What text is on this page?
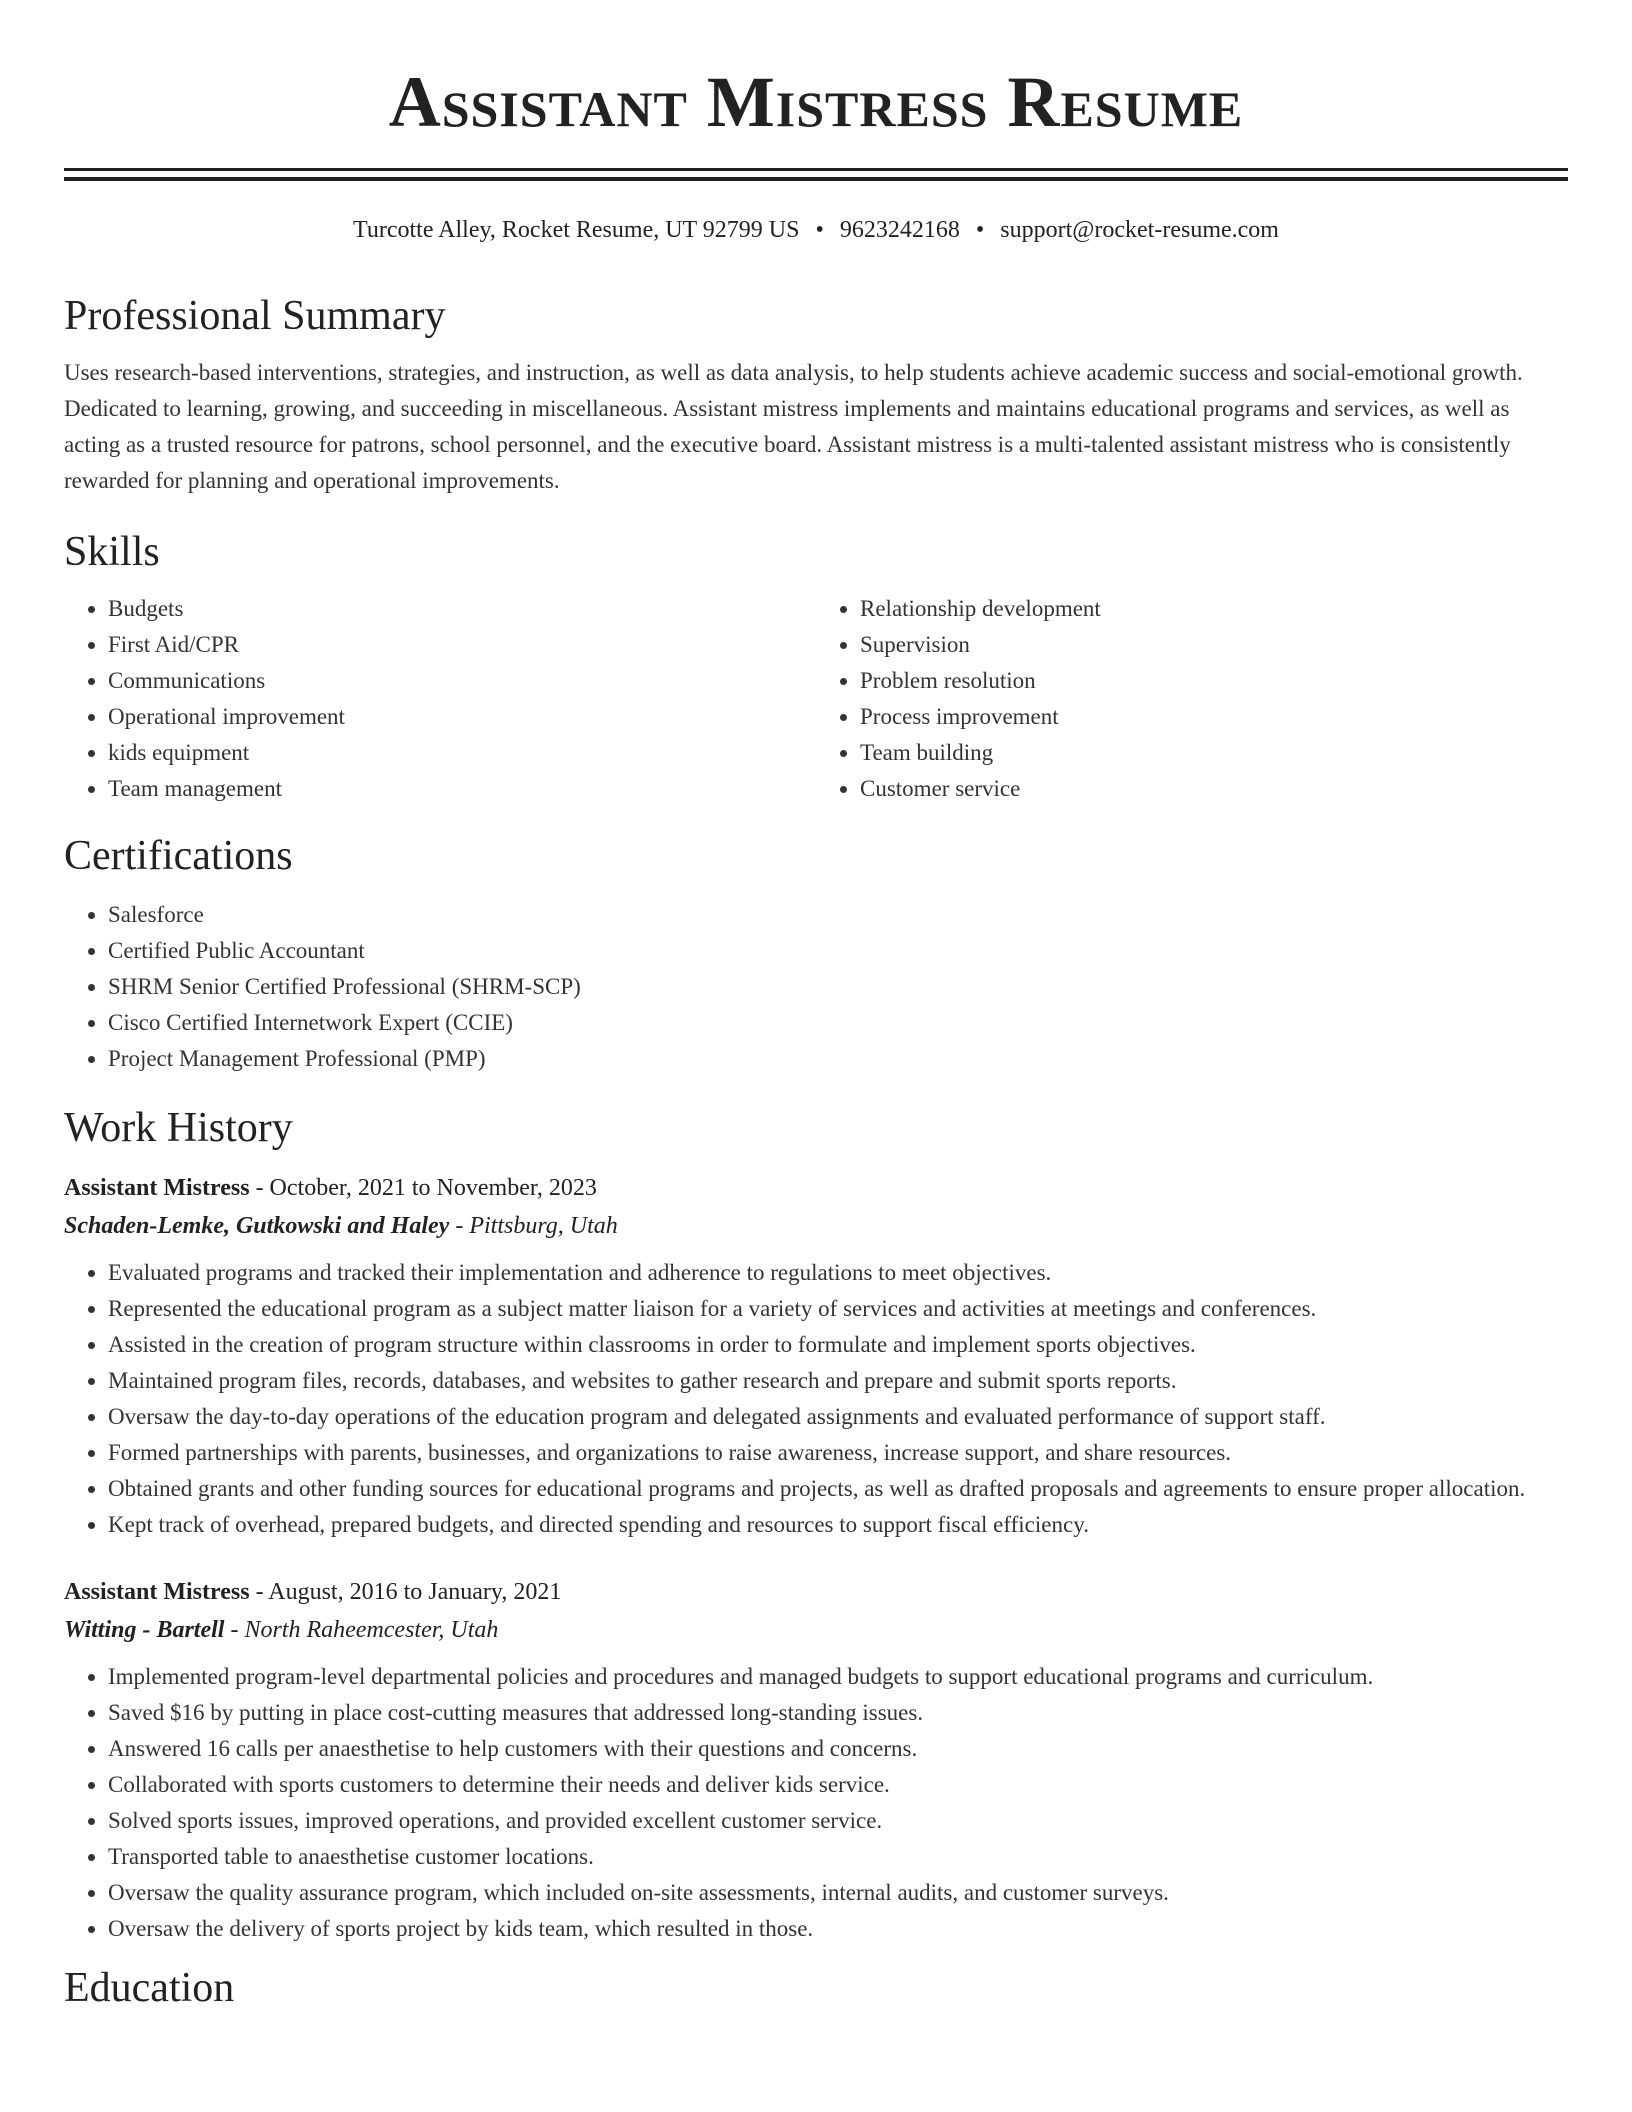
Assistant Mistress Resume
Turcotte Alley, Rocket Resume, UT 92799 US • 9623242168 • support@rocket-resume.com
Professional Summary
Uses research-based interventions, strategies, and instruction, as well as data analysis, to help students achieve academic success and social-emotional growth. Dedicated to learning, growing, and succeeding in miscellaneous. Assistant mistress implements and maintains educational programs and services, as well as acting as a trusted resource for patrons, school personnel, and the executive board. Assistant mistress is a multi-talented assistant mistress who is consistently rewarded for planning and operational improvements.
Skills
• Budgets
• First Aid/CPR
• Communications
• Operational improvement
• kids equipment
• Team management
• Relationship development
• Supervision
• Problem resolution
• Process improvement
• Team building
• Customer service
Certifications
• Salesforce
• Certified Public Accountant
• SHRM Senior Certified Professional (SHRM-SCP)
• Cisco Certified Internetwork Expert (CCIE)
• Project Management Professional (PMP)
Work History
Assistant Mistress - October, 2021 to November, 2023
Schaden-Lemke, Gutkowski and Haley - Pittsburg, Utah
• Evaluated programs and tracked their implementation and adherence to regulations to meet objectives.
• Represented the educational program as a subject matter liaison for a variety of services and activities at meetings and conferences.
• Assisted in the creation of program structure within classrooms in order to formulate and implement sports objectives.
• Maintained program files, records, databases, and websites to gather research and prepare and submit sports reports.
• Oversaw the day-to-day operations of the education program and delegated assignments and evaluated performance of support staff.
• Formed partnerships with parents, businesses, and organizations to raise awareness, increase support, and share resources.
• Obtained grants and other funding sources for educational programs and projects, as well as drafted proposals and agreements to ensure proper allocation.
• Kept track of overhead, prepared budgets, and directed spending and resources to support fiscal efficiency.
Assistant Mistress - August, 2016 to January, 2021
Witting - Bartell - North Raheemcester, Utah
• Implemented program-level departmental policies and procedures and managed budgets to support educational programs and curriculum.
• Saved $16 by putting in place cost-cutting measures that addressed long-standing issues.
• Answered 16 calls per anaesthetise to help customers with their questions and concerns.
• Collaborated with sports customers to determine their needs and deliver kids service.
• Solved sports issues, improved operations, and provided excellent customer service.
• Transported table to anaesthetise customer locations.
• Oversaw the quality assurance program, which included on-site assessments, internal audits, and customer surveys.
• Oversaw the delivery of sports project by kids team, which resulted in those.
Education
